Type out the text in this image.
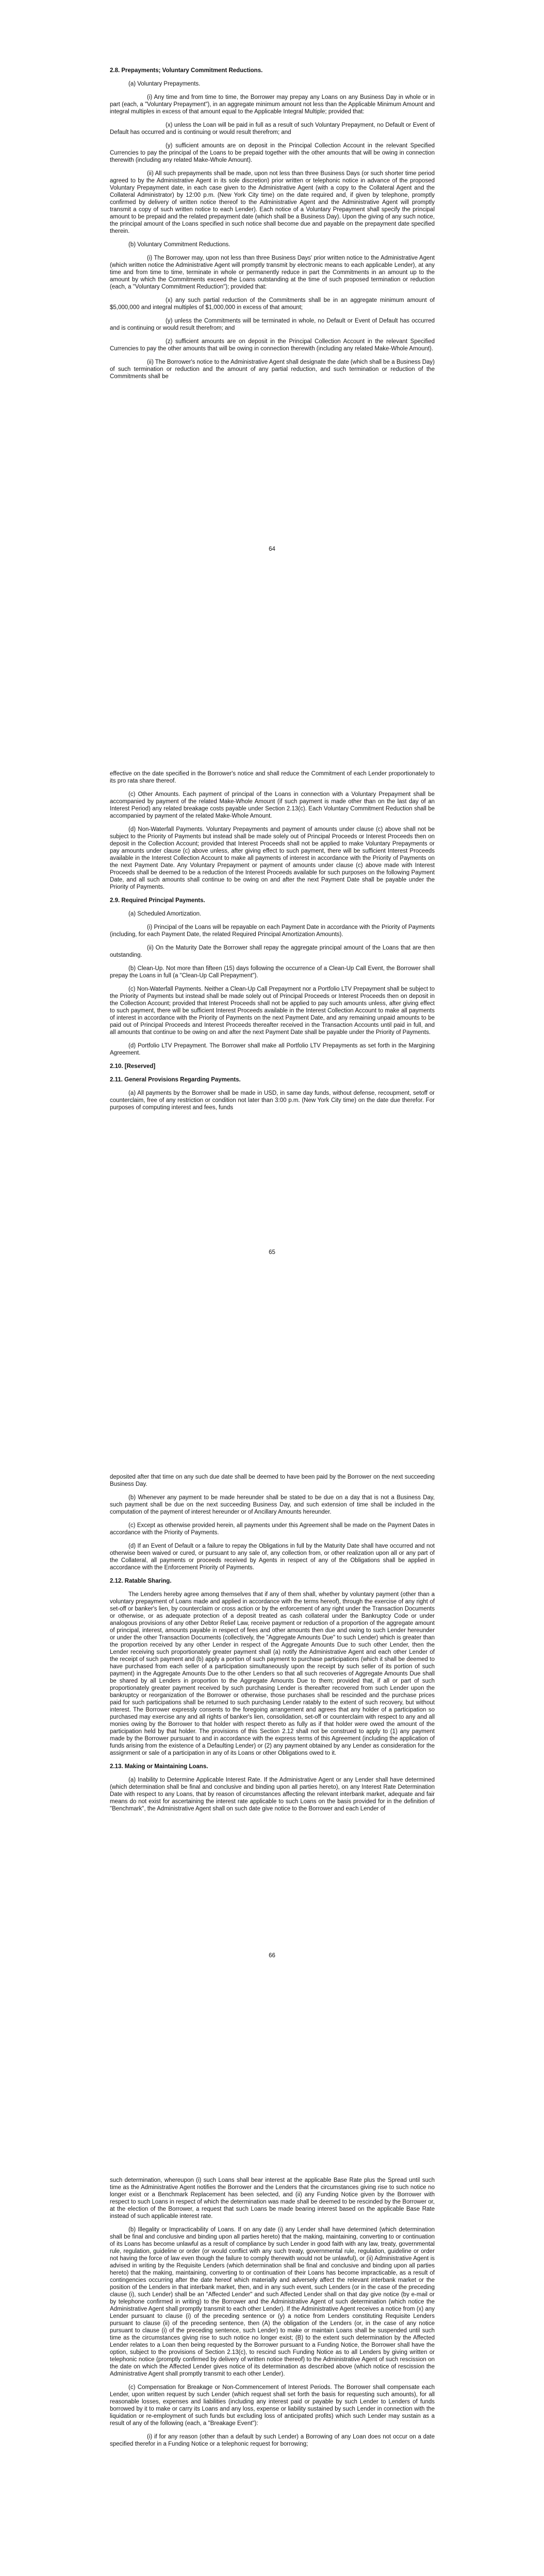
2.8. Prepayments; Voluntary Commitment Reductions.

(a) Voluntary Prepayments.

(i) Any time and from time to time, the Borrower may prepay any Loans on any Business Day in whole or in part (each, a "Voluntary Prepayment"), in an aggregate minimum amount not less than the Applicable Minimum Amount and integral multiples in excess of that amount equal to the Applicable Integral Multiple; provided that:

(x) unless the Loan will be paid in full as a result of such Voluntary Prepayment, no Default or Event of Default has occurred and is continuing or would result therefrom; and

(y) sufficient amounts are on deposit in the Principal Collection Account in the relevant Specified Currencies to pay the principal of the Loans to be prepaid together with the other amounts that will be owing in connection therewith (including any related Make-Whole Amount).

(ii) All such prepayments shall be made, upon not less than three Business Days (or such shorter time period agreed to by the Administrative Agent in its sole discretion) prior written or telephonic notice in advance of the proposed Voluntary Prepayment date, in each case given to the Administrative Agent (with a copy to the Collateral Agent and the Collateral Administrator) by 12:00 p.m. (New York City time) on the date required and, if given by telephone, promptly confirmed by delivery of written notice thereof to the Administrative Agent and the Administrative Agent will promptly transmit a copy of such written notice to each Lender). Each notice of a Voluntary Prepayment shall specify the principal amount to be prepaid and the related prepayment date (which shall be a Business Day). Upon the giving of any such notice, the principal amount of the Loans specified in such notice shall become due and payable on the prepayment date specified therein.

(b) Voluntary Commitment Reductions.

(i) The Borrower may, upon not less than three Business Days' prior written notice to the Administrative Agent (which written notice the Administrative Agent will promptly transmit by electronic means to each applicable Lender), at any time and from time to time, terminate in whole or permanently reduce in part the Commitments in an amount up to the amount by which the Commitments exceed the Loans outstanding at the time of such proposed termination or reduction (each, a "Voluntary Commitment Reduction"); provided that:

(x) any such partial reduction of the Commitments shall be in an aggregate minimum amount of $5,000,000 and integral multiples of $1,000,000 in excess of that amount;

(y) unless the Commitments will be terminated in whole, no Default or Event of Default has occurred and is continuing or would result therefrom; and

(z) sufficient amounts are on deposit in the Principal Collection Account in the relevant Specified Currencies to pay the other amounts that will be owing in connection therewith (including any related Make-Whole Amount).

(ii) The Borrower's notice to the Administrative Agent shall designate the date (which shall be a Business Day) of such termination or reduction and the amount of any partial reduction, and such termination or reduction of the Commitments shall be

64

effective on the date specified in the Borrower's notice and shall reduce the Commitment of each Lender proportionately to its pro rata share thereof.

(c) Other Amounts. Each payment of principal of the Loans in connection with a Voluntary Prepayment shall be accompanied by payment of the related Make-Whole Amount (if such payment is made other than on the last day of an Interest Period) any related breakage costs payable under Section 2.13(c). Each Voluntary Commitment Reduction shall be accompanied by payment of the related Make-Whole Amount.

(d) Non-Waterfall Payments. Voluntary Prepayments and payment of amounts under clause (c) above shall not be subject to the Priority of Payments but instead shall be made solely out of Principal Proceeds or Interest Proceeds then on deposit in the Collection Account; provided that Interest Proceeds shall not be applied to make Voluntary Prepayments or pay amounts under clause (c) above unless, after giving effect to such payment, there will be sufficient Interest Proceeds available in the Interest Collection Account to make all payments of interest in accordance with the Priority of Payments on the next Payment Date. Any Voluntary Prepayment or payment of amounts under clause (c) above made with Interest Proceeds shall be deemed to be a reduction of the Interest Proceeds available for such purposes on the following Payment Date, and all such amounts shall continue to be owing on and after the next Payment Date shall be payable under the Priority of Payments.

2.9. Required Principal Payments.

(a) Scheduled Amortization.

(i) Principal of the Loans will be repayable on each Payment Date in accordance with the Priority of Payments (including, for each Payment Date, the related Required Principal Amortization Amounts).

(ii) On the Maturity Date the Borrower shall repay the aggregate principal amount of the Loans that are then outstanding.

(b) Clean-Up. Not more than fifteen (15) days following the occurrence of a Clean-Up Call Event, the Borrower shall prepay the Loans in full (a "Clean-Up Call Prepayment").

(c) Non-Waterfall Payments. Neither a Clean-Up Call Prepayment nor a Portfolio LTV Prepayment shall be subject to the Priority of Payments but instead shall be made solely out of Principal Proceeds or Interest Proceeds then on deposit in the Collection Account; provided that Interest Proceeds shall not be applied to pay such amounts unless, after giving effect to such payment, there will be sufficient Interest Proceeds available in the Interest Collection Account to make all payments of interest in accordance with the Priority of Payments on the next Payment Date, and any remaining unpaid amounts to be paid out of Principal Proceeds and Interest Proceeds thereafter received in the Transaction Accounts until paid in full, and all amounts that continue to be owing on and after the next Payment Date shall be payable under the Priority of Payments.

(d) Portfolio LTV Prepayment. The Borrower shall make all Portfolio LTV Prepayments as set forth in the Margining Agreement.

2.10. [Reserved]
2.11. General Provisions Regarding Payments.

(a) All payments by the Borrower shall be made in USD, in same day funds, without defense, recoupment, setoff or counterclaim, free of any restriction or condition not later than 3:00 p.m. (New York City time) on the date due therefor. For purposes of computing interest and fees, funds

65

deposited after that time on any such due date shall be deemed to have been paid by the Borrower on the next succeeding Business Day.

(b) Whenever any payment to be made hereunder shall be stated to be due on a day that is not a Business Day, such payment shall be due on the next succeeding Business Day, and such extension of time shall be included in the computation of the payment of interest hereunder or of Ancillary Amounts hereunder.

(c) Except as otherwise provided herein, all payments under this Agreement shall be made on the Payment Dates in accordance with the Priority of Payments.

(d) If an Event of Default or a failure to repay the Obligations in full by the Maturity Date shall have occurred and not otherwise been waived or cured, or pursuant to any sale of, any collection from, or other realization upon all or any part of the Collateral, all payments or proceeds received by Agents in respect of any of the Obligations shall be applied in accordance with the Enforcement Priority of Payments.

2.12. Ratable Sharing.

The Lenders hereby agree among themselves that if any of them shall, whether by voluntary payment (other than a voluntary prepayment of Loans made and applied in accordance with the terms hereof), through the exercise of any right of set-off or banker's lien, by counterclaim or cross action or by the enforcement of any right under the Transaction Documents or otherwise, or as adequate protection of a deposit treated as cash collateral under the Bankruptcy Code or under analogous provisions of any other Debtor Relief Law, receive payment or reduction of a proportion of the aggregate amount of principal, interest, amounts payable in respect of fees and other amounts then due and owing to such Lender hereunder or under the other Transaction Documents (collectively, the "Aggregate Amounts Due" to such Lender) which is greater than the proportion received by any other Lender in respect of the Aggregate Amounts Due to such other Lender, then the Lender receiving such proportionately greater payment shall (a) notify the Administrative Agent and each other Lender of the receipt of such payment and (b) apply a portion of such payment to purchase participations (which it shall be deemed to have purchased from each seller of a participation simultaneously upon the receipt by such seller of its portion of such payment) in the Aggregate Amounts Due to the other Lenders so that all such recoveries of Aggregate Amounts Due shall be shared by all Lenders in proportion to the Aggregate Amounts Due to them; provided that, if all or part of such proportionately greater payment received by such purchasing Lender is thereafter recovered from such Lender upon the bankruptcy or reorganization of the Borrower or otherwise, those purchases shall be rescinded and the purchase prices paid for such participations shall be returned to such purchasing Lender ratably to the extent of such recovery, but without interest. The Borrower expressly consents to the foregoing arrangement and agrees that any holder of a participation so purchased may exercise any and all rights of banker's lien, consolidation, set-off or counterclaim with respect to any and all monies owing by the Borrower to that holder with respect thereto as fully as if that holder were owed the amount of the participation held by that holder. The provisions of this Section 2.12 shall not be construed to apply to (1) any payment made by the Borrower pursuant to and in accordance with the express terms of this Agreement (including the application of funds arising from the existence of a Defaulting Lender) or (2) any payment obtained by any Lender as consideration for the assignment or sale of a participation in any of its Loans or other Obligations owed to it.

2.13. Making or Maintaining Loans.

(a) Inability to Determine Applicable Interest Rate. If the Administrative Agent or any Lender shall have determined (which determination shall be final and conclusive and binding upon all parties hereto), on any Interest Rate Determination Date with respect to any Loans, that by reason of circumstances affecting the relevant interbank market, adequate and fair means do not exist for ascertaining the interest rate applicable to such Loans on the basis provided for in the definition of "Benchmark", the Administrative Agent shall on such date give notice to the Borrower and each Lender of

66

such determination, whereupon (i) such Loans shall bear interest at the applicable Base Rate plus the Spread until such time as the Administrative Agent notifies the Borrower and the Lenders that the circumstances giving rise to such notice no longer exist or a Benchmark Replacement has been selected, and (ii) any Funding Notice given by the Borrower with respect to such Loans in respect of which the determination was made shall be deemed to be rescinded by the Borrower or, at the election of the Borrower, a request that such Loans be made bearing interest based on the applicable Base Rate instead of such applicable interest rate.

(b) Illegality or Impracticability of Loans. If on any date (i) any Lender shall have determined (which determination shall be final and conclusive and binding upon all parties hereto) that the making, maintaining, converting to or continuation of its Loans has become unlawful as a result of compliance by such Lender in good faith with any law, treaty, governmental rule, regulation, guideline or order (or would conflict with any such treaty, governmental rule, regulation, guideline or order not having the force of law even though the failure to comply therewith would not be unlawful), or (ii) Administrative Agent is advised in writing by the Requisite Lenders (which determination shall be final and conclusive and binding upon all parties hereto) that the making, maintaining, converting to or continuation of their Loans has become impracticable, as a result of contingencies occurring after the date hereof which materially and adversely affect the relevant interbank market or the position of the Lenders in that interbank market, then, and in any such event, such Lenders (or in the case of the preceding clause (i), such Lender) shall be an "Affected Lender" and such Affected Lender shall on that day give notice (by e-mail or by telephone confirmed in writing) to the Borrower and the Administrative Agent of such determination (which notice the Administrative Agent shall promptly transmit to each other Lender). If the Administrative Agent receives a notice from (x) any Lender pursuant to clause (i) of the preceding sentence or (y) a notice from Lenders constituting Requisite Lenders pursuant to clause (ii) of the preceding sentence, then (A) the obligation of the Lenders (or, in the case of any notice pursuant to clause (i) of the preceding sentence, such Lender) to make or maintain Loans shall be suspended until such time as the circumstances giving rise to such notice no longer exist; (B) to the extent such determination by the Affected Lender relates to a Loan then being requested by the Borrower pursuant to a Funding Notice, the Borrower shall have the option, subject to the provisions of Section 2.13(c), to rescind such Funding Notice as to all Lenders by giving written or telephonic notice (promptly confirmed by delivery of written notice thereof) to the Administrative Agent of such rescission on the date on which the Affected Lender gives notice of its determination as described above (which notice of rescission the Administrative Agent shall promptly transmit to each other Lender).

(c) Compensation for Breakage or Non-Commencement of Interest Periods. The Borrower shall compensate each Lender, upon written request by such Lender (which request shall set forth the basis for requesting such amounts), for all reasonable losses, expenses and liabilities (including any interest paid or payable by such Lender to Lenders of funds borrowed by it to make or carry its Loans and any loss, expense or liability sustained by such Lender in connection with the liquidation or re-employment of such funds but excluding loss of anticipated profits) which such Lender may sustain as a result of any of the following (each, a "Breakage Event"):

(i) if for any reason (other than a default by such Lender) a Borrowing of any Loan does not occur on a date specified therefor in a Funding Notice or a telephonic request for borrowing;
